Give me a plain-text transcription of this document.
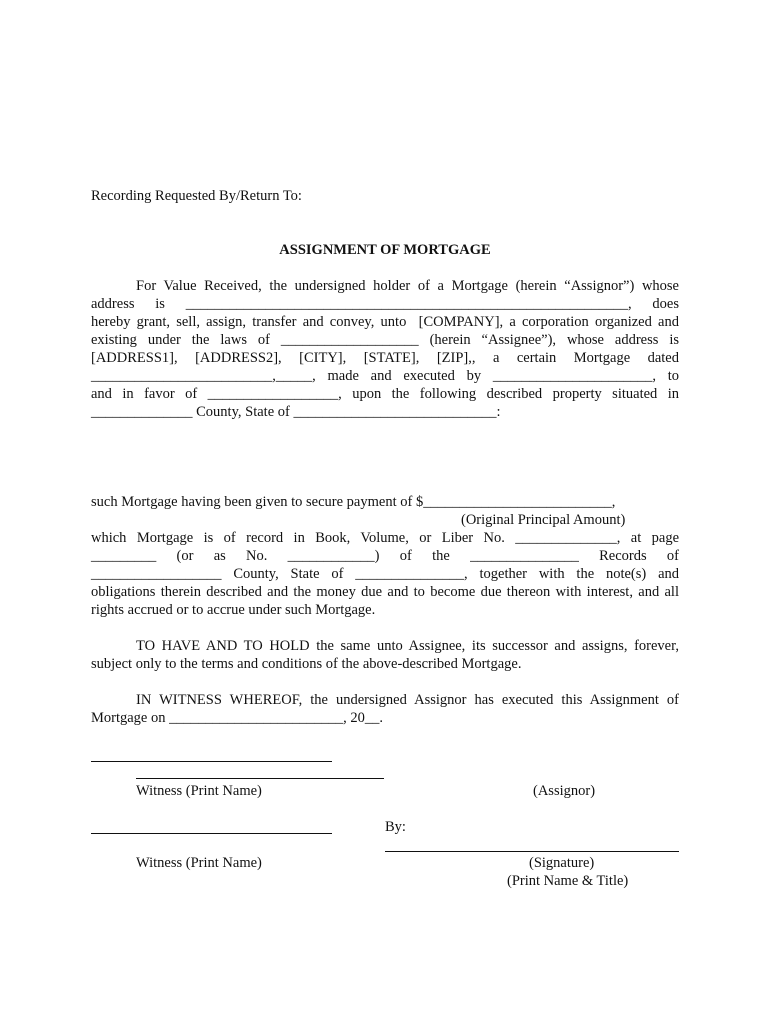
Recording Requested By/Return To:
ASSIGNMENT OF MORTGAGE
For Value Received, the undersigned holder of a Mortgage (herein “Assignor”) whose
address is _____________________________________________________________, does
hereby grant, sell, assign, transfer and convey, unto  [COMPANY], a corporation organized and
existing under the laws of ___________________ (herein “Assignee”), whose address is
[ADDRESS1], [ADDRESS2], [CITY], [STATE], [ZIP],, a certain Mortgage dated
_________________________,_____, made and executed by ______________________, to
and in favor of __________________, upon the following described property situated in
______________ County, State of ____________________________:
such Mortgage having been given to secure payment of $__________________________,
(Original Principal Amount)
which Mortgage is of record in Book, Volume, or Liber No. ______________, at page
_________ (or as No. ____________) of the _______________ Records of
__________________ County, State of _______________, together with the note(s) and
obligations therein described and the money due and to become due thereon with interest, and all
rights accrued or to accrue under such Mortgage.
TO HAVE AND TO HOLD the same unto Assignee, its successor and assigns, forever,
subject only to the terms and conditions of the above-described Mortgage.
IN WITNESS WHEREOF, the undersigned Assignor has executed this Assignment of
Mortgage on ________________________, 20__.
Witness (Print Name)	(Assignor)
By:
Witness (Print Name)	(Signature)
(Print Name & Title)
